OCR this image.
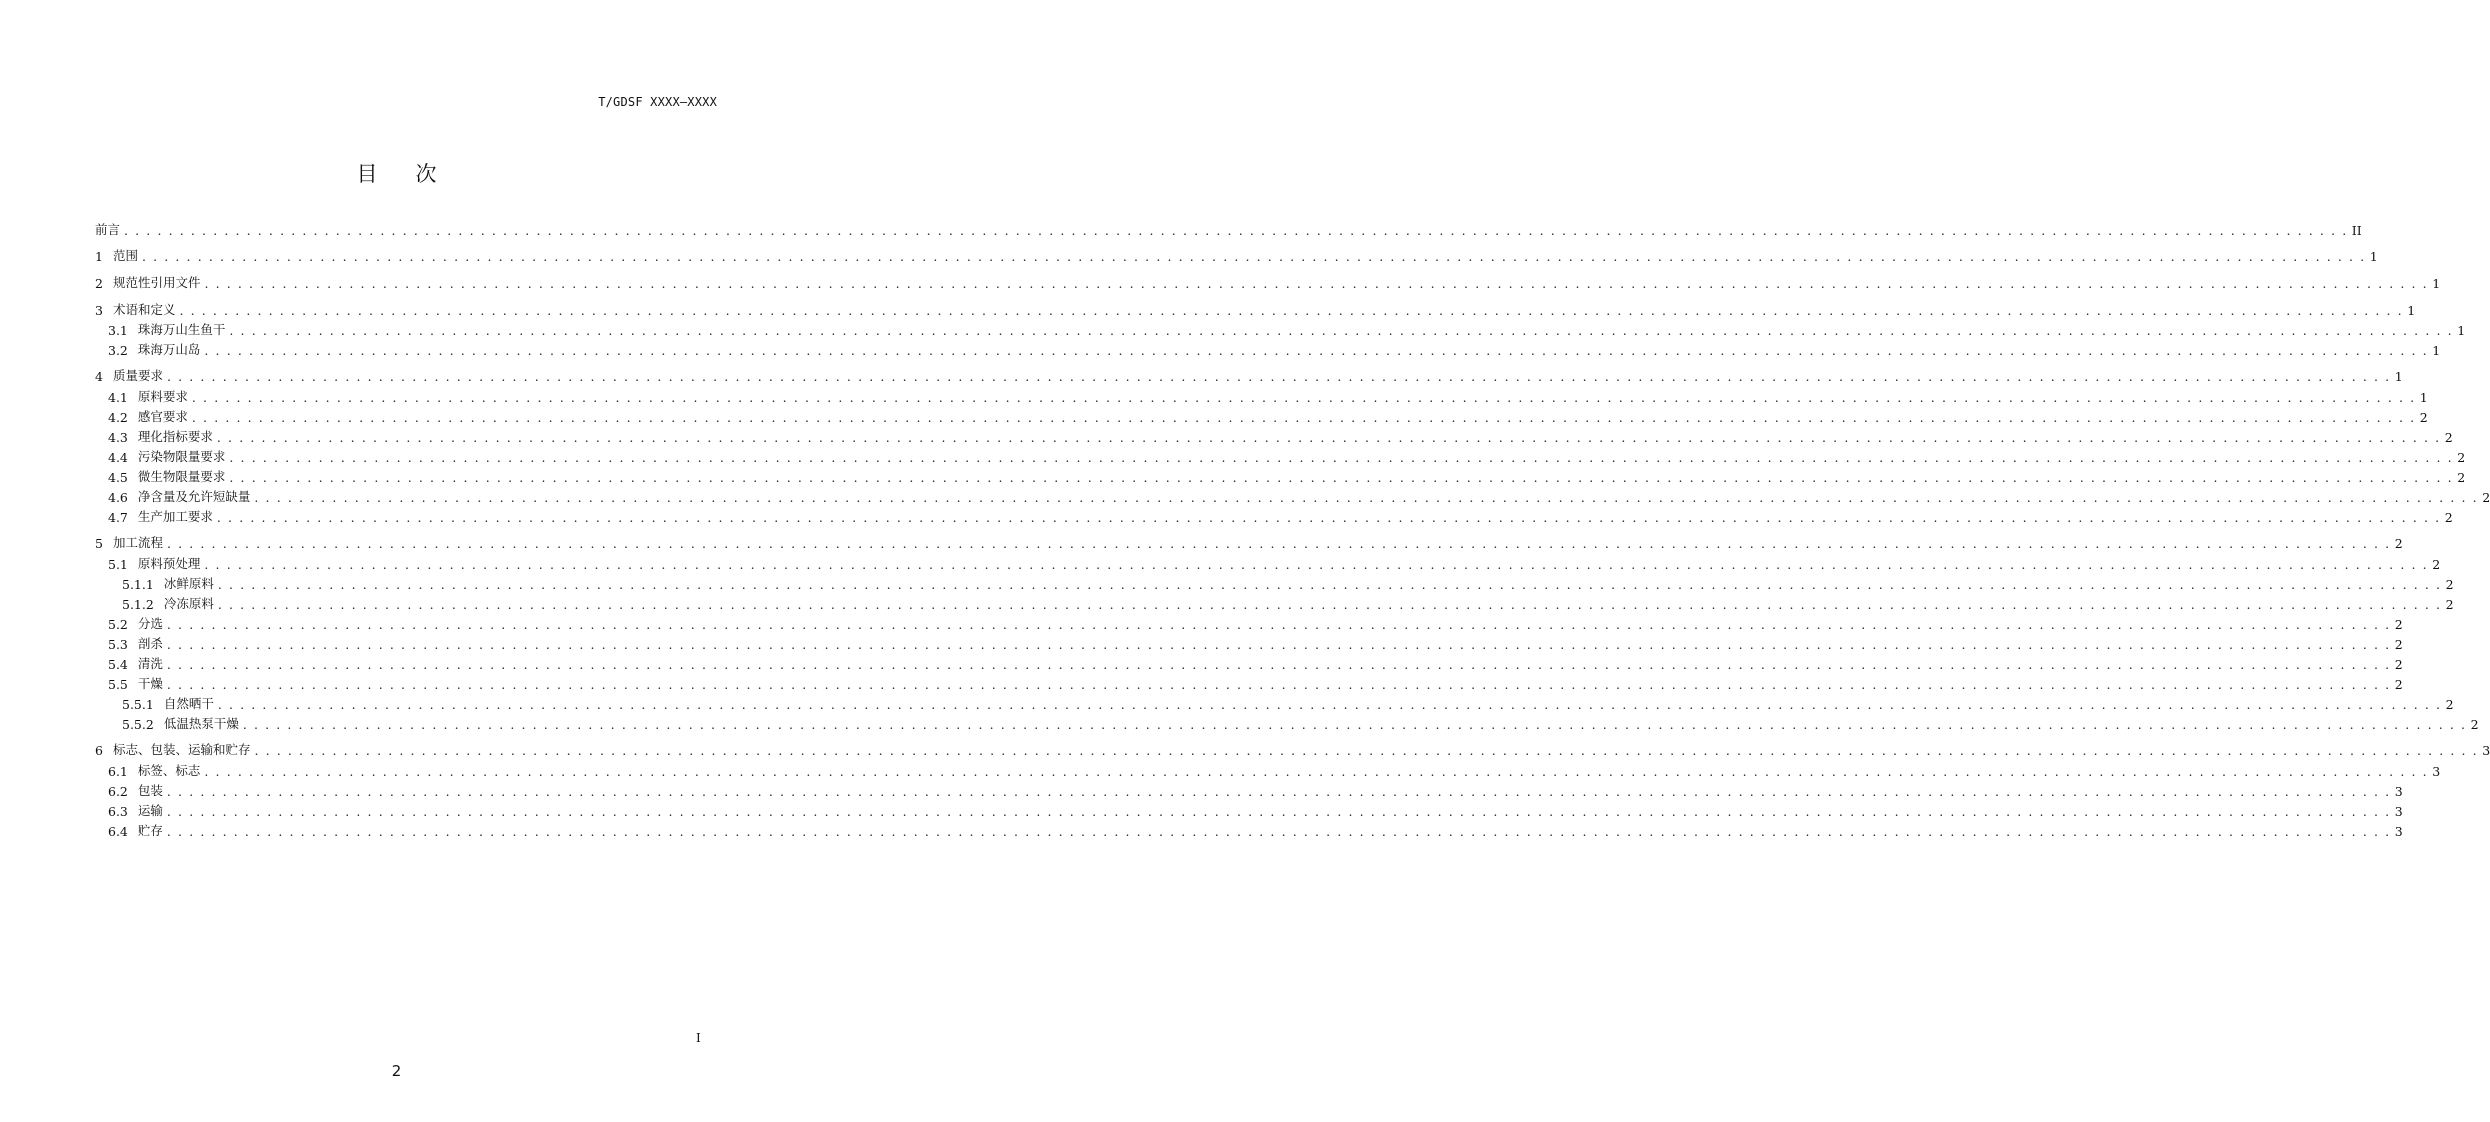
T/GDSF XXXX—XXXX
目次
前言 . . . . . . . . . . . . . . . . . . . . . . . . . . . . . . . . . . . . . . . . . . . . . . . . . . . . . . . . . . . . . . . . . . . . . . . . . . . . . . . . . . . . . . . . . . . . . . . . . . . . . . . . . . . . . . . . . . . . . . . . . . . . . . . . . . . . . . . . . . . . . . . . . . . . . . . . . . . . . . . . . . . . . . . . . . . . . . . . . . . . . . . . . . . . . . . . . . . . . . . . II
1 范围 . . . . . . . . . . . . . . . . . . . . . . . . . . . . . . . . . . . . . . . . . . . . . . . . . . . . . . . . . . . . . . . . . . . . . . . . . . . . . . . . . . . . . . . . . . . . . . . . . . . . . . . . . . . . . . . . . . . . . . . . . . . . . . . . . . . . . . . . . . . . . . . . . . . . . . . . . . . . . . . . . . . . . . . . . . . . . . . . . . . . . . . . . . . . . . . . . . . . . . . . 1
2 规范性引用文件 . . . . . . . . . . . . . . . . . . . . . . . . . . . . . . . . . . . . . . . . . . . . . . . . . . . . . . . . . . . . . . . . . . . . . . . . . . . . . . . . . . . . . . . . . . . . . . . . . . . . . . . . . . . . . . . . . . . . . . . . . . . . . . . . . . . . . . . . . . . . . . . . . . . . . . . . . . . . . . . . . . . . . . . . . . . . . . . . . . . . . . . . . . . . . . . . . . . . . . . . 1
3 术语和定义 . . . . . . . . . . . . . . . . . . . . . . . . . . . . . . . . . . . . . . . . . . . . . . . . . . . . . . . . . . . . . . . . . . . . . . . . . . . . . . . . . . . . . . . . . . . . . . . . . . . . . . . . . . . . . . . . . . . . . . . . . . . . . . . . . . . . . . . . . . . . . . . . . . . . . . . . . . . . . . . . . . . . . . . . . . . . . . . . . . . . . . . . . . . . . . . . . . . . . . . . 1
3.1 珠海万山生鱼干 . . . . . . . . . . . . . . . . . . . . . . . . . . . . . . . . . . . . . . . . . . . . . . . . . . . . . . . . . . . . . . . . . . . . . . . . . . . . . . . . . . . . . . . . . . . . . . . . . . . . . . . . . . . . . . . . . . . . . . . . . . . . . . . . . . . . . . . . . . . . . . . . . . . . . . . . . . . . . . . . . . . . . . . . . . . . . . . . . . . . . . . . . . . . . . . . . . . . . . . . 1
3.2 珠海万山岛 . . . . . . . . . . . . . . . . . . . . . . . . . . . . . . . . . . . . . . . . . . . . . . . . . . . . . . . . . . . . . . . . . . . . . . . . . . . . . . . . . . . . . . . . . . . . . . . . . . . . . . . . . . . . . . . . . . . . . . . . . . . . . . . . . . . . . . . . . . . . . . . . . . . . . . . . . . . . . . . . . . . . . . . . . . . . . . . . . . . . . . . . . . . . . . . . . . . . . . . . 1
4 质量要求 . . . . . . . . . . . . . . . . . . . . . . . . . . . . . . . . . . . . . . . . . . . . . . . . . . . . . . . . . . . . . . . . . . . . . . . . . . . . . . . . . . . . . . . . . . . . . . . . . . . . . . . . . . . . . . . . . . . . . . . . . . . . . . . . . . . . . . . . . . . . . . . . . . . . . . . . . . . . . . . . . . . . . . . . . . . . . . . . . . . . . . . . . . . . . . . . . . . . . . . . 1
4.1 原料要求 . . . . . . . . . . . . . . . . . . . . . . . . . . . . . . . . . . . . . . . . . . . . . . . . . . . . . . . . . . . . . . . . . . . . . . . . . . . . . . . . . . . . . . . . . . . . . . . . . . . . . . . . . . . . . . . . . . . . . . . . . . . . . . . . . . . . . . . . . . . . . . . . . . . . . . . . . . . . . . . . . . . . . . . . . . . . . . . . . . . . . . . . . . . . . . . . . . . . . . . . 1
4.2 感官要求 . . . . . . . . . . . . . . . . . . . . . . . . . . . . . . . . . . . . . . . . . . . . . . . . . . . . . . . . . . . . . . . . . . . . . . . . . . . . . . . . . . . . . . . . . . . . . . . . . . . . . . . . . . . . . . . . . . . . . . . . . . . . . . . . . . . . . . . . . . . . . . . . . . . . . . . . . . . . . . . . . . . . . . . . . . . . . . . . . . . . . . . . . . . . . . . . . . . . . . . . 2
4.3 理化指标要求 . . . . . . . . . . . . . . . . . . . . . . . . . . . . . . . . . . . . . . . . . . . . . . . . . . . . . . . . . . . . . . . . . . . . . . . . . . . . . . . . . . . . . . . . . . . . . . . . . . . . . . . . . . . . . . . . . . . . . . . . . . . . . . . . . . . . . . . . . . . . . . . . . . . . . . . . . . . . . . . . . . . . . . . . . . . . . . . . . . . . . . . . . . . . . . . . . . . . . . . . 2
4.4 污染物限量要求 . . . . . . . . . . . . . . . . . . . . . . . . . . . . . . . . . . . . . . . . . . . . . . . . . . . . . . . . . . . . . . . . . . . . . . . . . . . . . . . . . . . . . . . . . . . . . . . . . . . . . . . . . . . . . . . . . . . . . . . . . . . . . . . . . . . . . . . . . . . . . . . . . . . . . . . . . . . . . . . . . . . . . . . . . . . . . . . . . . . . . . . . . . . . . . . . . . . . . . . . 2
4.5 微生物限量要求 . . . . . . . . . . . . . . . . . . . . . . . . . . . . . . . . . . . . . . . . . . . . . . . . . . . . . . . . . . . . . . . . . . . . . . . . . . . . . . . . . . . . . . . . . . . . . . . . . . . . . . . . . . . . . . . . . . . . . . . . . . . . . . . . . . . . . . . . . . . . . . . . . . . . . . . . . . . . . . . . . . . . . . . . . . . . . . . . . . . . . . . . . . . . . . . . . . . . . . . . 2
4.6 净含量及允许短缺量 . . . . . . . . . . . . . . . . . . . . . . . . . . . . . . . . . . . . . . . . . . . . . . . . . . . . . . . . . . . . . . . . . . . . . . . . . . . . . . . . . . . . . . . . . . . . . . . . . . . . . . . . . . . . . . . . . . . . . . . . . . . . . . . . . . . . . . . . . . . . . . . . . . . . . . . . . . . . . . . . . . . . . . . . . . . . . . . . . . . . . . . . . . . . . . . . . . . . . . . . 2
4.7 生产加工要求 . . . . . . . . . . . . . . . . . . . . . . . . . . . . . . . . . . . . . . . . . . . . . . . . . . . . . . . . . . . . . . . . . . . . . . . . . . . . . . . . . . . . . . . . . . . . . . . . . . . . . . . . . . . . . . . . . . . . . . . . . . . . . . . . . . . . . . . . . . . . . . . . . . . . . . . . . . . . . . . . . . . . . . . . . . . . . . . . . . . . . . . . . . . . . . . . . . . . . . . . 2
5 加工流程 . . . . . . . . . . . . . . . . . . . . . . . . . . . . . . . . . . . . . . . . . . . . . . . . . . . . . . . . . . . . . . . . . . . . . . . . . . . . . . . . . . . . . . . . . . . . . . . . . . . . . . . . . . . . . . . . . . . . . . . . . . . . . . . . . . . . . . . . . . . . . . . . . . . . . . . . . . . . . . . . . . . . . . . . . . . . . . . . . . . . . . . . . . . . . . . . . . . . . . . . 2
5.1 原料预处理 . . . . . . . . . . . . . . . . . . . . . . . . . . . . . . . . . . . . . . . . . . . . . . . . . . . . . . . . . . . . . . . . . . . . . . . . . . . . . . . . . . . . . . . . . . . . . . . . . . . . . . . . . . . . . . . . . . . . . . . . . . . . . . . . . . . . . . . . . . . . . . . . . . . . . . . . . . . . . . . . . . . . . . . . . . . . . . . . . . . . . . . . . . . . . . . . . . . . . . . . 2
5.1.1 冰鲜原料 . . . . . . . . . . . . . . . . . . . . . . . . . . . . . . . . . . . . . . . . . . . . . . . . . . . . . . . . . . . . . . . . . . . . . . . . . . . . . . . . . . . . . . . . . . . . . . . . . . . . . . . . . . . . . . . . . . . . . . . . . . . . . . . . . . . . . . . . . . . . . . . . . . . . . . . . . . . . . . . . . . . . . . . . . . . . . . . . . . . . . . . . . . . . . . . . . . . . . . . . 2
5.1.2 冷冻原料 . . . . . . . . . . . . . . . . . . . . . . . . . . . . . . . . . . . . . . . . . . . . . . . . . . . . . . . . . . . . . . . . . . . . . . . . . . . . . . . . . . . . . . . . . . . . . . . . . . . . . . . . . . . . . . . . . . . . . . . . . . . . . . . . . . . . . . . . . . . . . . . . . . . . . . . . . . . . . . . . . . . . . . . . . . . . . . . . . . . . . . . . . . . . . . . . . . . . . . . . 2
5.2 分选 . . . . . . . . . . . . . . . . . . . . . . . . . . . . . . . . . . . . . . . . . . . . . . . . . . . . . . . . . . . . . . . . . . . . . . . . . . . . . . . . . . . . . . . . . . . . . . . . . . . . . . . . . . . . . . . . . . . . . . . . . . . . . . . . . . . . . . . . . . . . . . . . . . . . . . . . . . . . . . . . . . . . . . . . . . . . . . . . . . . . . . . . . . . . . . . . . . . . . . . . 2
5.3 剖杀 . . . . . . . . . . . . . . . . . . . . . . . . . . . . . . . . . . . . . . . . . . . . . . . . . . . . . . . . . . . . . . . . . . . . . . . . . . . . . . . . . . . . . . . . . . . . . . . . . . . . . . . . . . . . . . . . . . . . . . . . . . . . . . . . . . . . . . . . . . . . . . . . . . . . . . . . . . . . . . . . . . . . . . . . . . . . . . . . . . . . . . . . . . . . . . . . . . . . . . . . 2
5.4 清洗 . . . . . . . . . . . . . . . . . . . . . . . . . . . . . . . . . . . . . . . . . . . . . . . . . . . . . . . . . . . . . . . . . . . . . . . . . . . . . . . . . . . . . . . . . . . . . . . . . . . . . . . . . . . . . . . . . . . . . . . . . . . . . . . . . . . . . . . . . . . . . . . . . . . . . . . . . . . . . . . . . . . . . . . . . . . . . . . . . . . . . . . . . . . . . . . . . . . . . . . . 2
5.5 干燥 . . . . . . . . . . . . . . . . . . . . . . . . . . . . . . . . . . . . . . . . . . . . . . . . . . . . . . . . . . . . . . . . . . . . . . . . . . . . . . . . . . . . . . . . . . . . . . . . . . . . . . . . . . . . . . . . . . . . . . . . . . . . . . . . . . . . . . . . . . . . . . . . . . . . . . . . . . . . . . . . . . . . . . . . . . . . . . . . . . . . . . . . . . . . . . . . . . . . . . . . 2
5.5.1 自然晒干 . . . . . . . . . . . . . . . . . . . . . . . . . . . . . . . . . . . . . . . . . . . . . . . . . . . . . . . . . . . . . . . . . . . . . . . . . . . . . . . . . . . . . . . . . . . . . . . . . . . . . . . . . . . . . . . . . . . . . . . . . . . . . . . . . . . . . . . . . . . . . . . . . . . . . . . . . . . . . . . . . . . . . . . . . . . . . . . . . . . . . . . . . . . . . . . . . . . . . . . . 2
5.5.2 低温热泵干燥 . . . . . . . . . . . . . . . . . . . . . . . . . . . . . . . . . . . . . . . . . . . . . . . . . . . . . . . . . . . . . . . . . . . . . . . . . . . . . . . . . . . . . . . . . . . . . . . . . . . . . . . . . . . . . . . . . . . . . . . . . . . . . . . . . . . . . . . . . . . . . . . . . . . . . . . . . . . . . . . . . . . . . . . . . . . . . . . . . . . . . . . . . . . . . . . . . . . . . . . . 2
6 标志、包装、运输和贮存 . . . . . . . . . . . . . . . . . . . . . . . . . . . . . . . . . . . . . . . . . . . . . . . . . . . . . . . . . . . . . . . . . . . . . . . . . . . . . . . . . . . . . . . . . . . . . . . . . . . . . . . . . . . . . . . . . . . . . . . . . . . . . . . . . . . . . . . . . . . . . . . . . . . . . . . . . . . . . . . . . . . . . . . . . . . . . . . . . . . . . . . . . . . . . . . . . . . . . . . . 3
6.1 标签、标志 . . . . . . . . . . . . . . . . . . . . . . . . . . . . . . . . . . . . . . . . . . . . . . . . . . . . . . . . . . . . . . . . . . . . . . . . . . . . . . . . . . . . . . . . . . . . . . . . . . . . . . . . . . . . . . . . . . . . . . . . . . . . . . . . . . . . . . . . . . . . . . . . . . . . . . . . . . . . . . . . . . . . . . . . . . . . . . . . . . . . . . . . . . . . . . . . . . . . . . . . 3
6.2 包装 . . . . . . . . . . . . . . . . . . . . . . . . . . . . . . . . . . . . . . . . . . . . . . . . . . . . . . . . . . . . . . . . . . . . . . . . . . . . . . . . . . . . . . . . . . . . . . . . . . . . . . . . . . . . . . . . . . . . . . . . . . . . . . . . . . . . . . . . . . . . . . . . . . . . . . . . . . . . . . . . . . . . . . . . . . . . . . . . . . . . . . . . . . . . . . . . . . . . . . . . 3
6.3 运输 . . . . . . . . . . . . . . . . . . . . . . . . . . . . . . . . . . . . . . . . . . . . . . . . . . . . . . . . . . . . . . . . . . . . . . . . . . . . . . . . . . . . . . . . . . . . . . . . . . . . . . . . . . . . . . . . . . . . . . . . . . . . . . . . . . . . . . . . . . . . . . . . . . . . . . . . . . . . . . . . . . . . . . . . . . . . . . . . . . . . . . . . . . . . . . . . . . . . . . . . 3
6.4 贮存 . . . . . . . . . . . . . . . . . . . . . . . . . . . . . . . . . . . . . . . . . . . . . . . . . . . . . . . . . . . . . . . . . . . . . . . . . . . . . . . . . . . . . . . . . . . . . . . . . . . . . . . . . . . . . . . . . . . . . . . . . . . . . . . . . . . . . . . . . . . . . . . . . . . . . . . . . . . . . . . . . . . . . . . . . . . . . . . . . . . . . . . . . . . . . . . . . . . . . . . . 3
I
2
